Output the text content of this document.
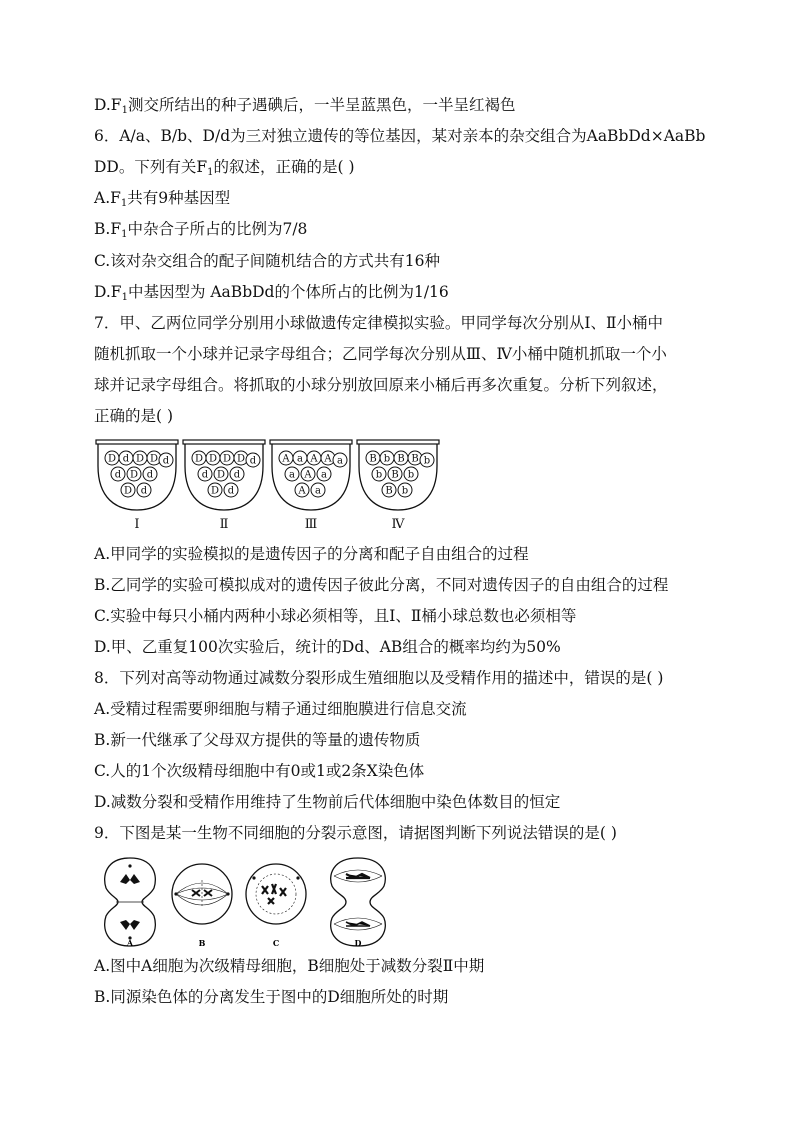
$D.F_1$测交所结出的种子遇碘后，一半呈蓝黑色，一半呈红褐色
6．A/a、B/b、D/d为三对独立遗传的等位基因，某对亲本的杂交组合为AaBbDd×AaBb
DD。下列有关$F_1$的叙述，正确的是( )
$A.F_1$共有9种基因型
$B.F_1$中杂合子所占的比例为7/8
C.该对杂交组合的配子间随机结合的方式共有16种
$D.F_1$中基因型为 AaBbDd的个体所占的比例为1/16
7．甲、乙两位同学分别用小球做遗传定律模拟实验。甲同学每次分别从Ⅰ、Ⅱ小桶中
随机抓取一个小球并记录字母组合；乙同学每次分别从Ⅲ、Ⅳ小桶中随机抓取一个小
球并记录字母组合。将抓取的小球分别放回原来小桶后再多次重复。分析下列叙述，
正确的是( )
D d D D d
d D d
D d
Ⅰ
D D D D d
d D d
D d
Ⅱ
A a A A a
a A a
A a
Ⅲ
B b B B b
b B b
B b
Ⅳ
A.甲同学的实验模拟的是遗传因子的分离和配子自由组合的过程
B.乙同学的实验可模拟成对的遗传因子彼此分离，不同对遗传因子的自由组合的过程
C.实验中每只小桶内两种小球必须相等，且Ⅰ、Ⅱ桶小球总数也必须相等
D.甲、乙重复100次实验后，统计的Dd、AB组合的概率均约为50%
8．下列对高等动物通过减数分裂形成生殖细胞以及受精作用的描述中，错误的是( )
A.受精过程需要卵细胞与精子通过细胞膜进行信息交流
B.新一代继承了父母双方提供的等量的遗传物质
C.人的1个次级精母细胞中有0或1或2条X染色体
D.减数分裂和受精作用维持了生物前后代体细胞中染色体数目的恒定
9．下图是某一生物不同细胞的分裂示意图，请据图判断下列说法错误的是( )
A	B	C	D
A.图中A细胞为次级精母细胞，B细胞处于减数分裂Ⅱ中期
B.同源染色体的分离发生于图中的D细胞所处的时期
